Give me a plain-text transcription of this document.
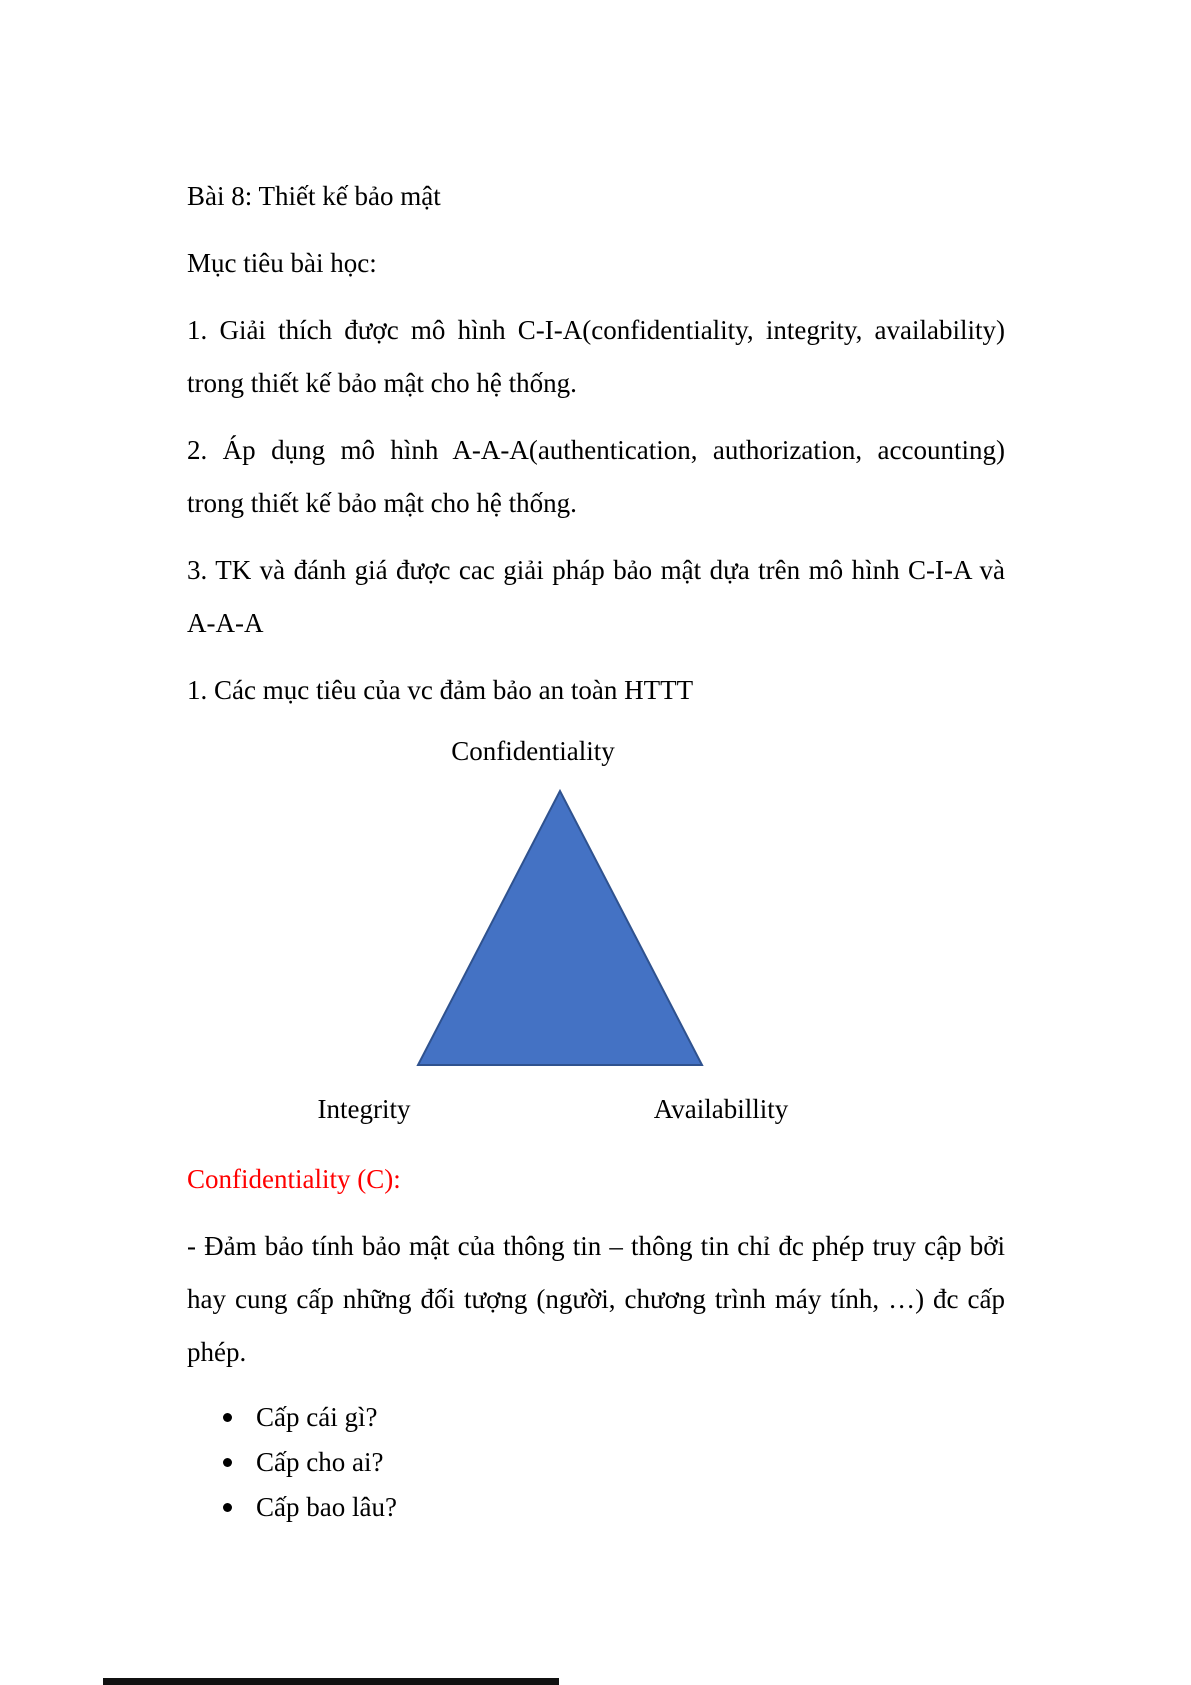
Bài 8: Thiết kế bảo mật

Mục tiêu bài học:

1. Giải thích được mô hình C-I-A(confidentiality, integrity, availability) trong thiết kế bảo mật cho hệ thống.

2. Áp dụng mô hình A-A-A(authentication, authorization, accounting) trong thiết kế bảo mật cho hệ thống.

3. TK và đánh giá được cac giải pháp bảo mật dựa trên mô hình C-I-A và A-A-A

1. Các mục tiêu của vc đảm bảo an toàn HTTT

Confidentiality
Integrity	Availabillity

Confidentiality (C):

- Đảm bảo tính bảo mật của thông tin – thông tin chỉ đc phép truy cập bởi hay cung cấp những đối tượng (người, chương trình máy tính, …) đc cấp phép.

Cấp cái gì?
Cấp cho ai?
Cấp bao lâu?
